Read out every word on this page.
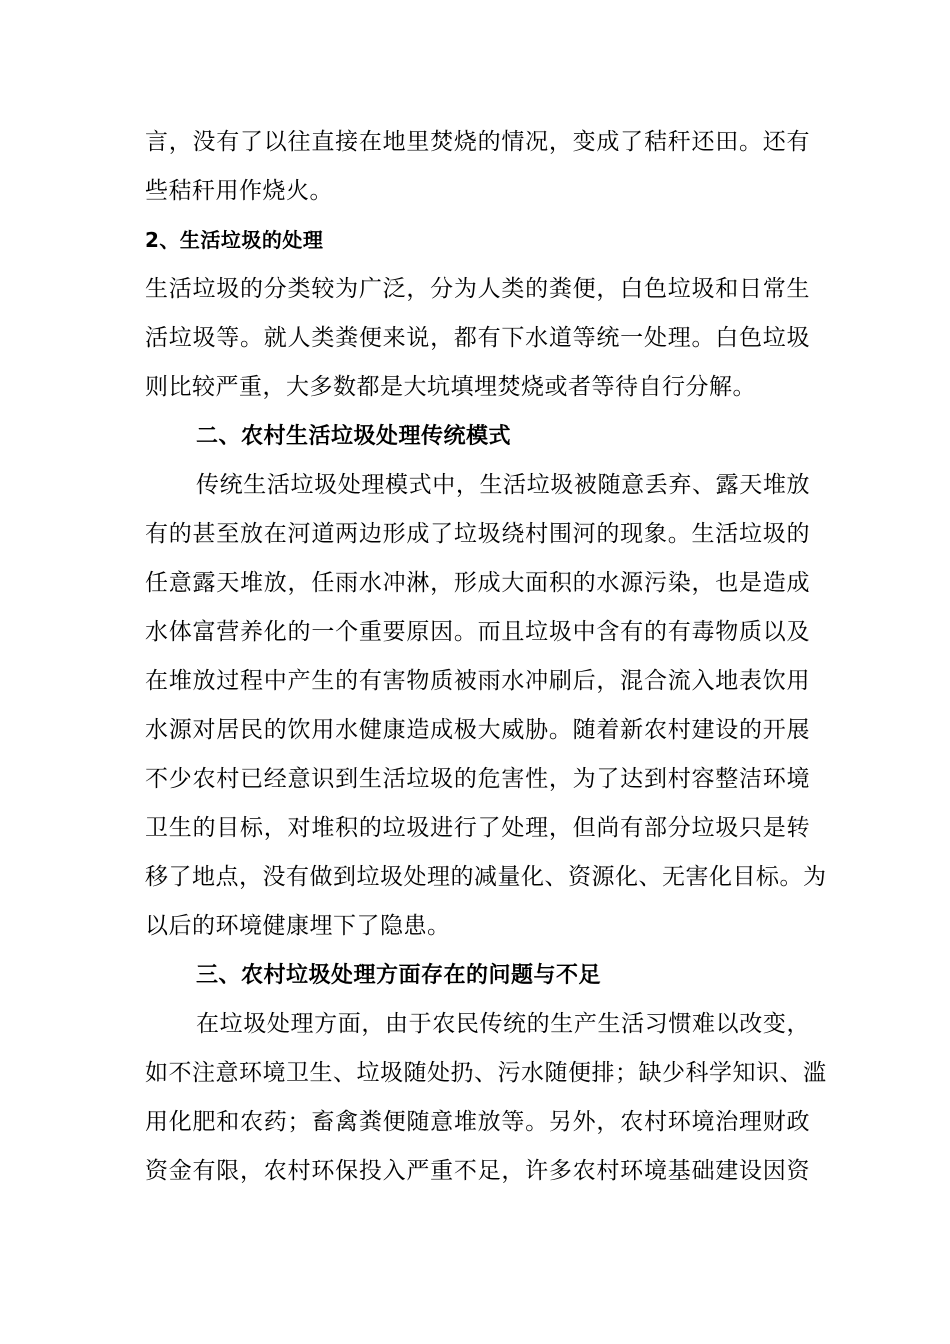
言，没有了以往直接在地里焚烧的情况，变成了秸秆还田。还有
些秸秆用作烧火。
2、生活垃圾的处理
生活垃圾的分类较为广泛，分为人类的粪便，白色垃圾和日常生
活垃圾等。就人类粪便来说，都有下水道等统一处理。白色垃圾
则比较严重，大多数都是大坑填埋焚烧或者等待自行分解。
二、农村生活垃圾处理传统模式
传统生活垃圾处理模式中，生活垃圾被随意丢弃、露天堆放
有的甚至放在河道两边形成了垃圾绕村围河的现象。生活垃圾的
任意露天堆放，任雨水冲淋，形成大面积的水源污染，也是造成
水体富营养化的一个重要原因。而且垃圾中含有的有毒物质以及
在堆放过程中产生的有害物质被雨水冲刷后，混合流入地表饮用
水源对居民的饮用水健康造成极大威胁。随着新农村建设的开展
不少农村已经意识到生活垃圾的危害性，为了达到村容整洁环境
卫生的目标，对堆积的垃圾进行了处理，但尚有部分垃圾只是转
移了地点，没有做到垃圾处理的减量化、资源化、无害化目标。为
以后的环境健康埋下了隐患。
三、农村垃圾处理方面存在的问题与不足
在垃圾处理方面，由于农民传统的生产生活习惯难以改变，
如不注意环境卫生、垃圾随处扔、污水随便排；缺少科学知识、滥
用化肥和农药；畜禽粪便随意堆放等。另外，农村环境治理财政
资金有限，农村环保投入严重不足，许多农村环境基础建设因资
